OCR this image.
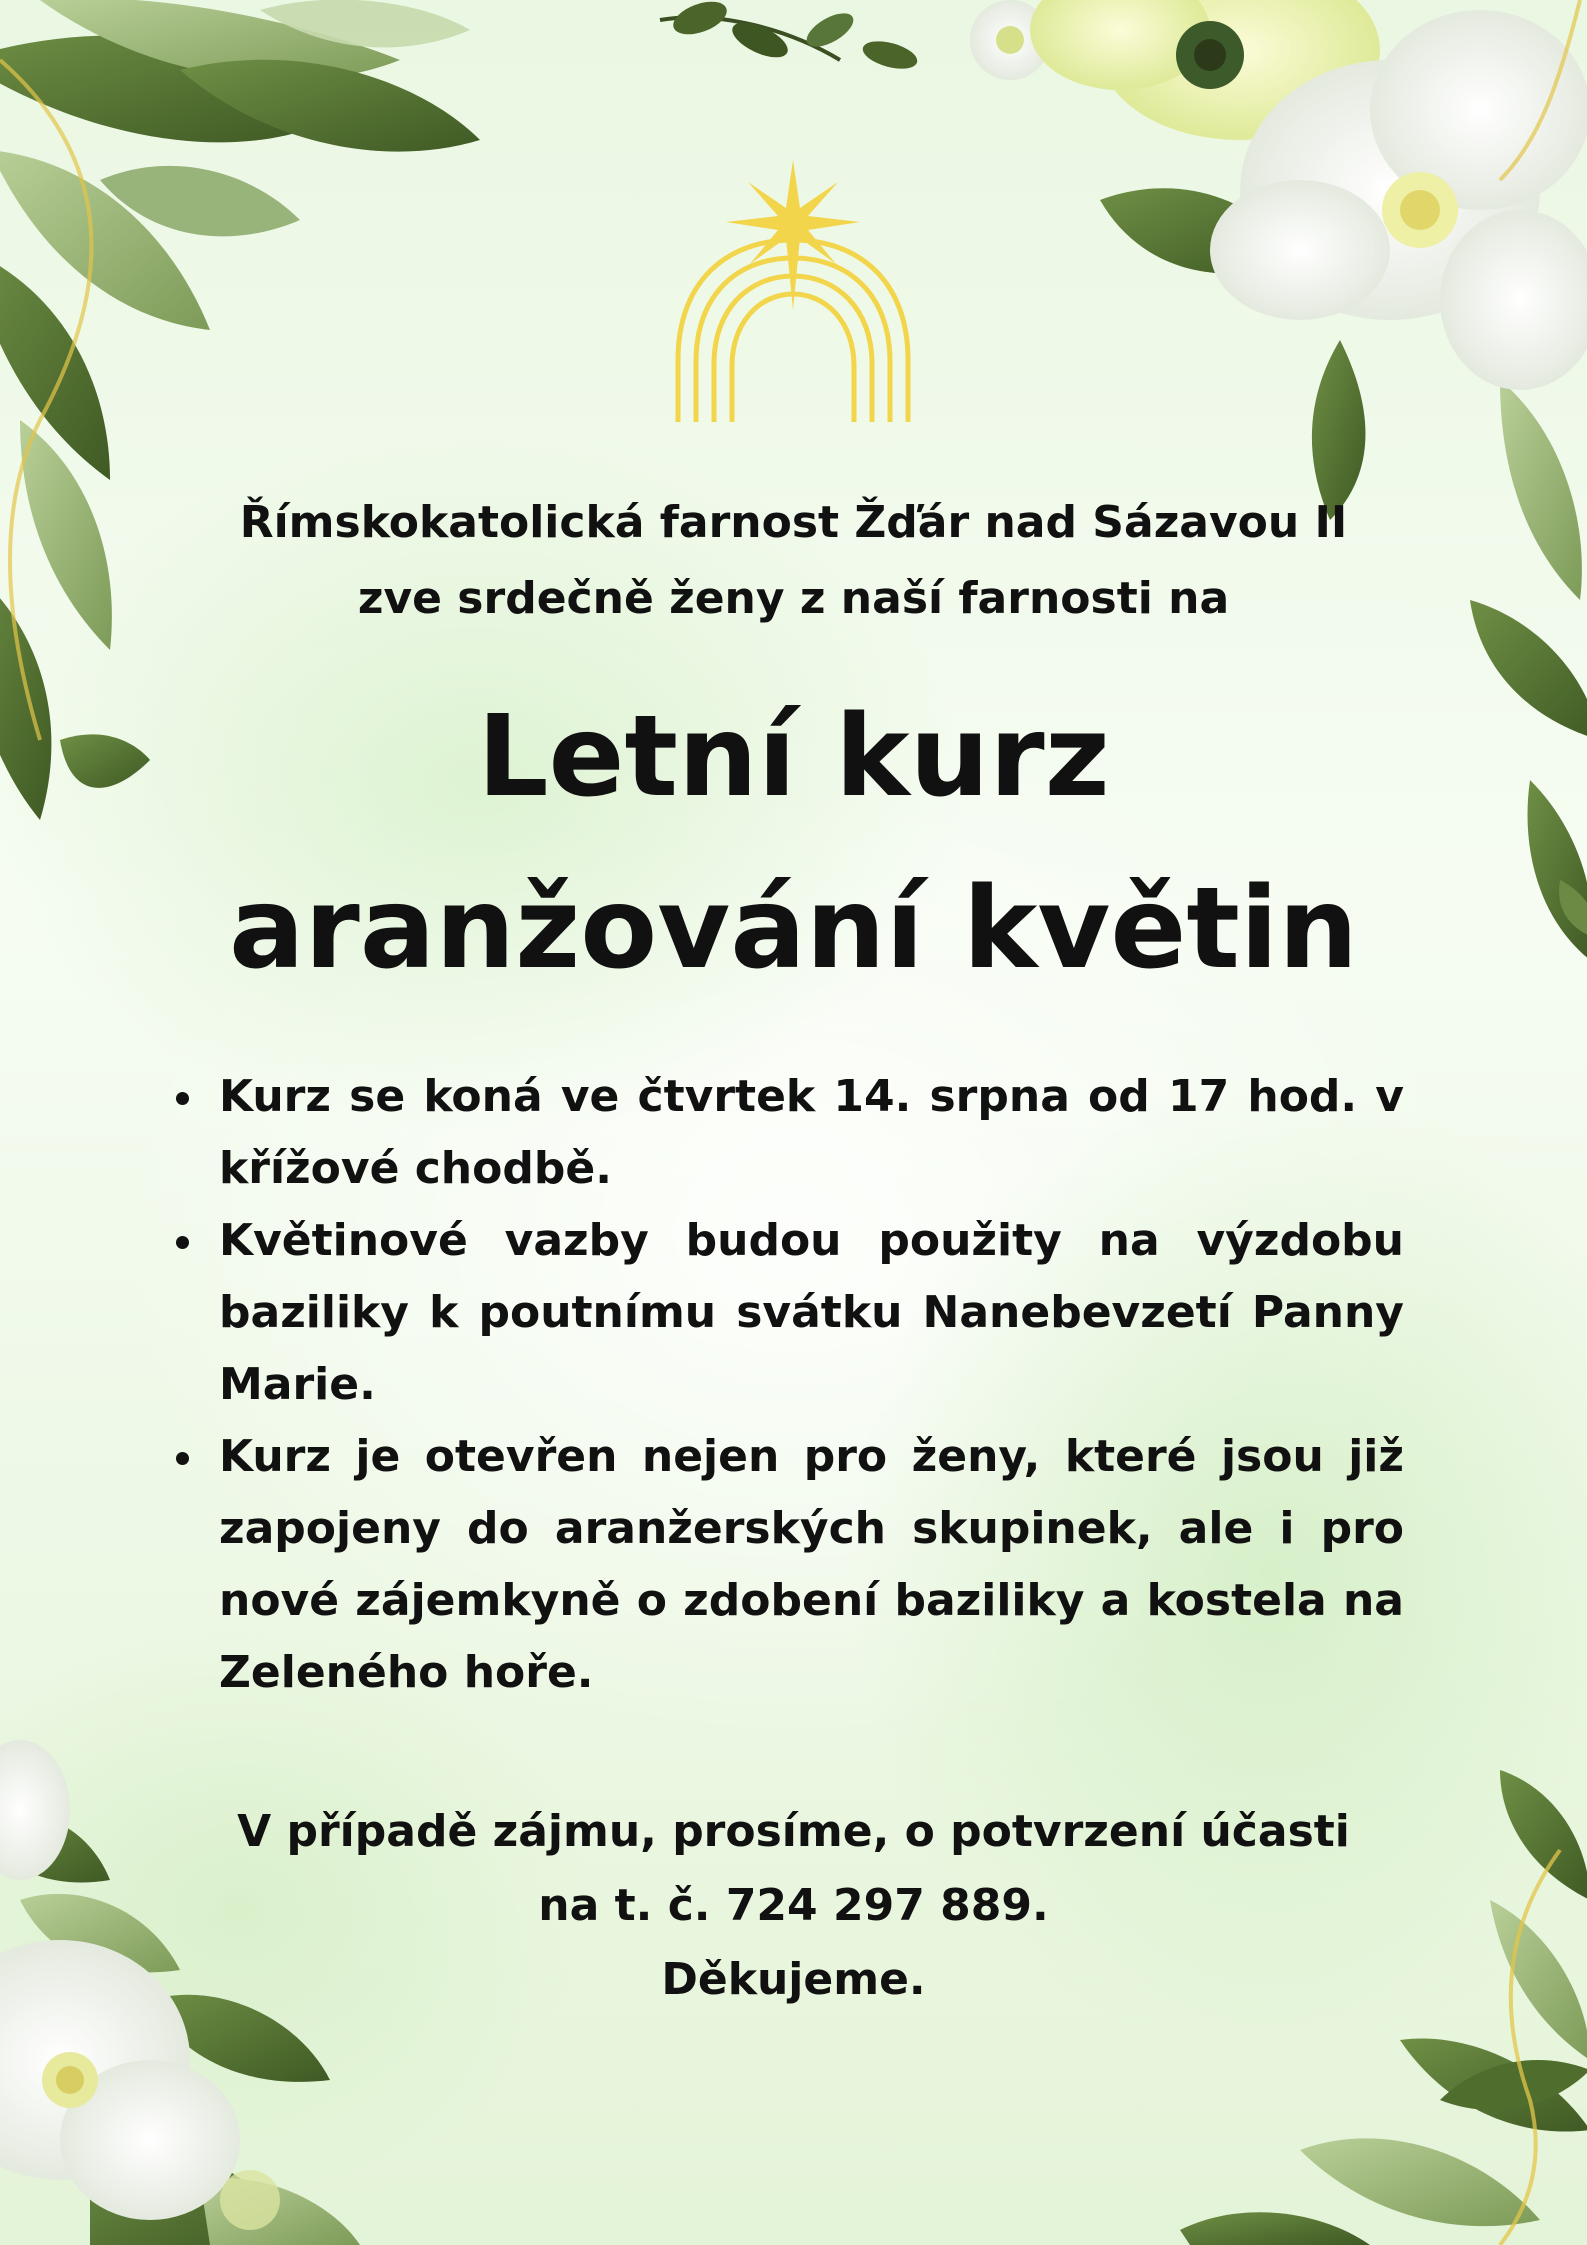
Římskokatolická farnost Žďár nad Sázavou II
zve srdečně ženy z naší farnosti na

Letní kurz
aranžování květin
Kurz se koná ve čtvrtek 14. srpna od 17 hod. v křížové chodbě.
Květinové vazby budou použity na výzdobu baziliky k poutnímu svátku Nanebevzetí Panny Marie.
Kurz je otevřen nejen pro ženy, které jsou již zapojeny do aranžerských skupinek, ale i pro nové zájemkyně o zdobení baziliky a kostela na Zeleného hoře.
V případě zájmu, prosíme, o potvrzení účasti
na t. č. 724 297 889.
Děkujeme.
